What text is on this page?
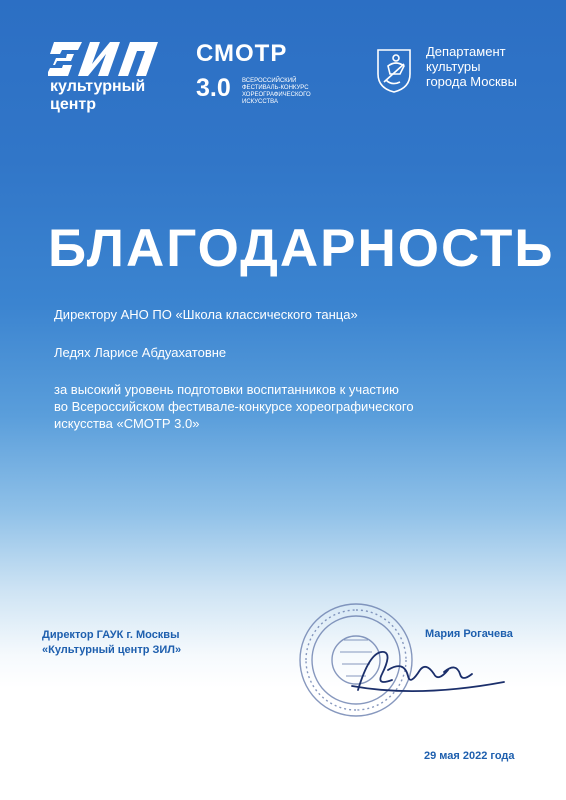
культурный
центр
СМОТР
3.0 ВСЕРОССИЙСКИЙ
ФЕСТИВАЛЬ-КОНКУРС
ХОРЕОГРАФИЧЕСКОГО
ИСКУССТВА
Департамент
культуры
города Москвы
БЛАГОДАРНОСТЬ
Директору АНО ПО «Школа классического танца»
Ледях Ларисе Абдуахатовне
за высокий уровень подготовки воспитанников к участию
во Всероссийском фестивале-конкурсе хореографического
искусства «СМОТР 3.0»
Директор ГАУК г. Москвы
«Культурный центр ЗИЛ»
Мария Рогачева
29 мая 2022 года
